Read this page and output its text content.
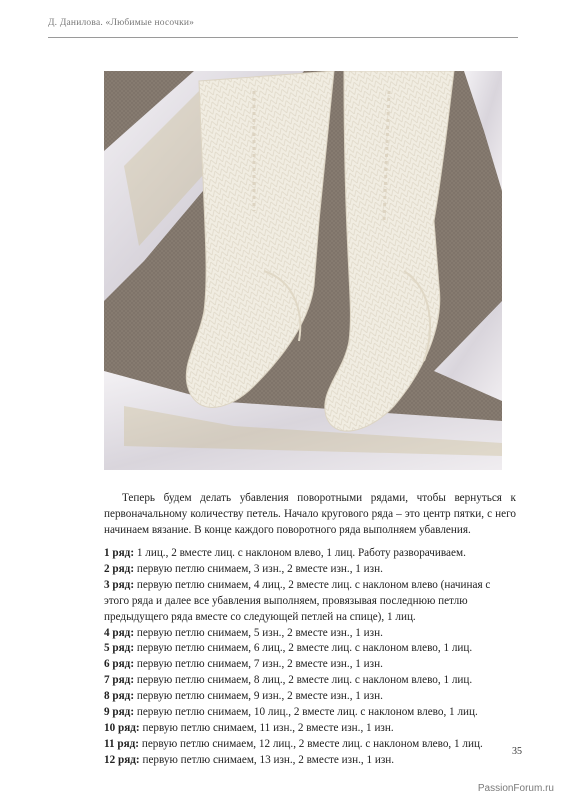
Д. Данилова. «Любимые носочки»

Теперь будем делать убавления поворотными рядами, чтобы вернуться к первоначальному количеству петель. Начало кругового ряда – это центр пятки, с него начинаем вязание. В конце каждого поворотного ряда выполняем убавления.

1 ряд: 1 лиц., 2 вместе лиц. с наклоном влево, 1 лиц. Работу разворачиваем.

2 ряд: первую петлю снимаем, 3 изн., 2 вместе изн., 1 изн.

3 ряд: первую петлю снимаем, 4 лиц., 2 вместе лиц. с наклоном влево (начиная с этого ряда и далее все убавления выполняем, провязывая последнюю петлю предыдущего ряда вместе со следующей петлей на спице), 1 лиц.

4 ряд: первую петлю снимаем, 5 изн., 2 вместе изн., 1 изн.

5 ряд: первую петлю снимаем, 6 лиц., 2 вместе лиц. с наклоном влево, 1 лиц.

6 ряд: первую петлю снимаем, 7 изн., 2 вместе изн., 1 изн.

7 ряд: первую петлю снимаем, 8 лиц., 2 вместе лиц. с наклоном влево, 1 лиц.

8 ряд: первую петлю снимаем, 9 изн., 2 вместе изн., 1 изн.

9 ряд: первую петлю снимаем, 10 лиц., 2 вместе лиц. с наклоном влево, 1 лиц.

10 ряд: первую петлю снимаем, 11 изн., 2 вместе изн., 1 изн.

11 ряд: первую петлю снимаем, 12 лиц., 2 вместе лиц. с наклоном влево, 1 лиц.

12 ряд: первую петлю снимаем, 13 изн., 2 вместе изн., 1 изн.

35
PassionForum.ru
